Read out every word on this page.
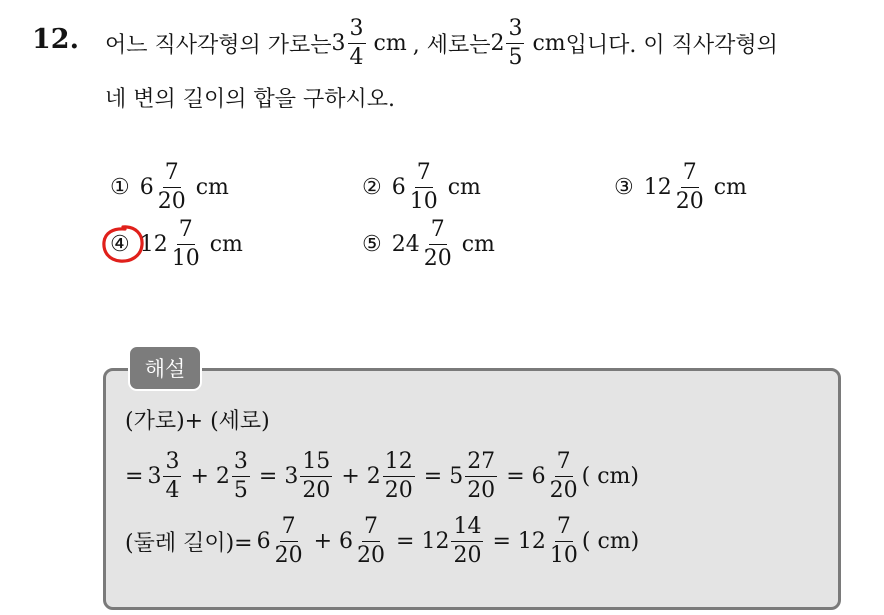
12. 어느 직사각형의 가로는 $3 \frac{3}{4}$ cm , 세로는 $2 \frac{3}{5}$ cm 입니다. 이 직사각형의
네 변의 길이의 합을 구하시오.
① $6 \frac{7}{20}$ cm	② $6 \frac{7}{10}$ cm	③ $12 \frac{7}{20}$ cm
④ $12 \frac{7}{10}$ cm	⑤ $24 \frac{7}{20}$ cm
해설
(가로)+ (세로)
= $3 \frac{3}{4} + 2 \frac{3}{5} = 3 \frac{15}{20} + 2 \frac{12}{20} = 5 \frac{27}{20} = 6 \frac{7}{20}$ ( cm)
(둘레 길이)= $6 \frac{7}{20} + 6 \frac{7}{20} = 12 \frac{14}{20} = 12 \frac{7}{10}$ ( cm)
